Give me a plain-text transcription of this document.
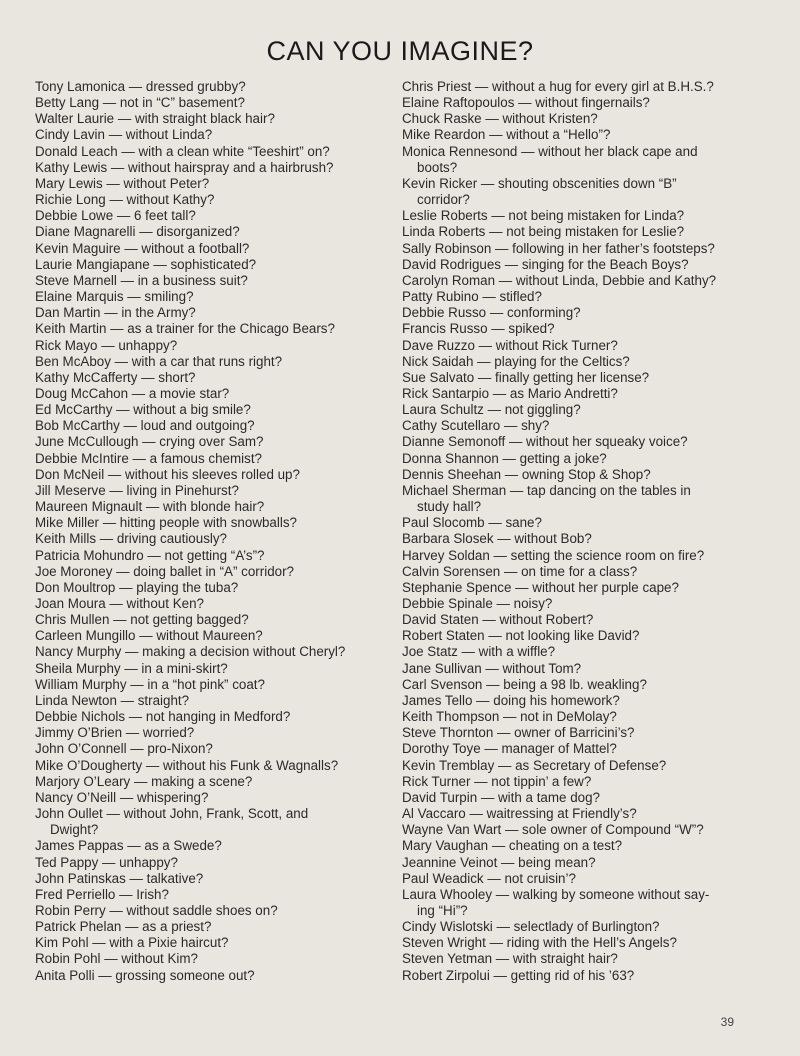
CAN YOU IMAGINE?
Tony Lamonica — dressed grubby?
Betty Lang — not in “C” basement?
Walter Laurie — with straight black hair?
Cindy Lavin — without Linda?
Donald Leach — with a clean white “Teeshirt” on?
Kathy Lewis — without hairspray and a hairbrush?
Mary Lewis — without Peter?
Richie Long — without Kathy?
Debbie Lowe — 6 feet tall?
Diane Magnarelli — disorganized?
Kevin Maguire — without a football?
Laurie Mangiapane — sophisticated?
Steve Marnell — in a business suit?
Elaine Marquis — smiling?
Dan Martin — in the Army?
Keith Martin — as a trainer for the Chicago Bears?
Rick Mayo — unhappy?
Ben McAboy — with a car that runs right?
Kathy McCafferty — short?
Doug McCahon — a movie star?
Ed McCarthy — without a big smile?
Bob McCarthy — loud and outgoing?
June McCullough — crying over Sam?
Debbie McIntire — a famous chemist?
Don McNeil — without his sleeves rolled up?
Jill Meserve — living in Pinehurst?
Maureen Mignault — with blonde hair?
Mike Miller — hitting people with snowballs?
Keith Mills — driving cautiously?
Patricia Mohundro — not getting “A’s”?
Joe Moroney — doing ballet in “A” corridor?
Don Moultrop — playing the tuba?
Joan Moura — without Ken?
Chris Mullen — not getting bagged?
Carleen Mungillo — without Maureen?
Nancy Murphy — making a decision without Cheryl?
Sheila Murphy — in a mini-skirt?
William Murphy — in a “hot pink” coat?
Linda Newton — straight?
Debbie Nichols — not hanging in Medford?
Jimmy O’Brien — worried?
John O’Connell — pro-Nixon?
Mike O’Dougherty — without his Funk & Wagnalls?
Marjory O’Leary — making a scene?
Nancy O’Neill — whispering?
John Oullet — without John, Frank, Scott, and
Dwight?
James Pappas — as a Swede?
Ted Pappy — unhappy?
John Patinskas — talkative?
Fred Perriello — Irish?
Robin Perry — without saddle shoes on?
Patrick Phelan — as a priest?
Kim Pohl — with a Pixie haircut?
Robin Pohl — without Kim?
Anita Polli — grossing someone out?
Chris Priest — without a hug for every girl at B.H.S.?
Elaine Raftopoulos — without fingernails?
Chuck Raske — without Kristen?
Mike Reardon — without a “Hello”?
Monica Rennesond — without her black cape and
boots?
Kevin Ricker — shouting obscenities down “B”
corridor?
Leslie Roberts — not being mistaken for Linda?
Linda Roberts — not being mistaken for Leslie?
Sally Robinson — following in her father’s footsteps?
David Rodrigues — singing for the Beach Boys?
Carolyn Roman — without Linda, Debbie and Kathy?
Patty Rubino — stifled?
Debbie Russo — conforming?
Francis Russo — spiked?
Dave Ruzzo — without Rick Turner?
Nick Saidah — playing for the Celtics?
Sue Salvato — finally getting her license?
Rick Santarpio — as Mario Andretti?
Laura Schultz — not giggling?
Cathy Scutellaro — shy?
Dianne Semonoff — without her squeaky voice?
Donna Shannon — getting a joke?
Dennis Sheehan — owning Stop & Shop?
Michael Sherman — tap dancing on the tables in
study hall?
Paul Slocomb — sane?
Barbara Slosek — without Bob?
Harvey Soldan — setting the science room on fire?
Calvin Sorensen — on time for a class?
Stephanie Spence — without her purple cape?
Debbie Spinale — noisy?
David Staten — without Robert?
Robert Staten — not looking like David?
Joe Statz — with a wiffle?
Jane Sullivan — without Tom?
Carl Svenson — being a 98 lb. weakling?
James Tello — doing his homework?
Keith Thompson — not in DeMolay?
Steve Thornton — owner of Barricini’s?
Dorothy Toye — manager of Mattel?
Kevin Tremblay — as Secretary of Defense?
Rick Turner — not tippin’ a few?
David Turpin — with a tame dog?
Al Vaccaro — waitressing at Friendly’s?
Wayne Van Wart — sole owner of Compound “W”?
Mary Vaughan — cheating on a test?
Jeannine Veinot — being mean?
Paul Weadick — not cruisin’?
Laura Whooley — walking by someone without say-
ing “Hi”?
Cindy Wislotski — selectlady of Burlington?
Steven Wright — riding with the Hell’s Angels?
Steven Yetman — with straight hair?
Robert Zirpolui — getting rid of his ’63?
39
